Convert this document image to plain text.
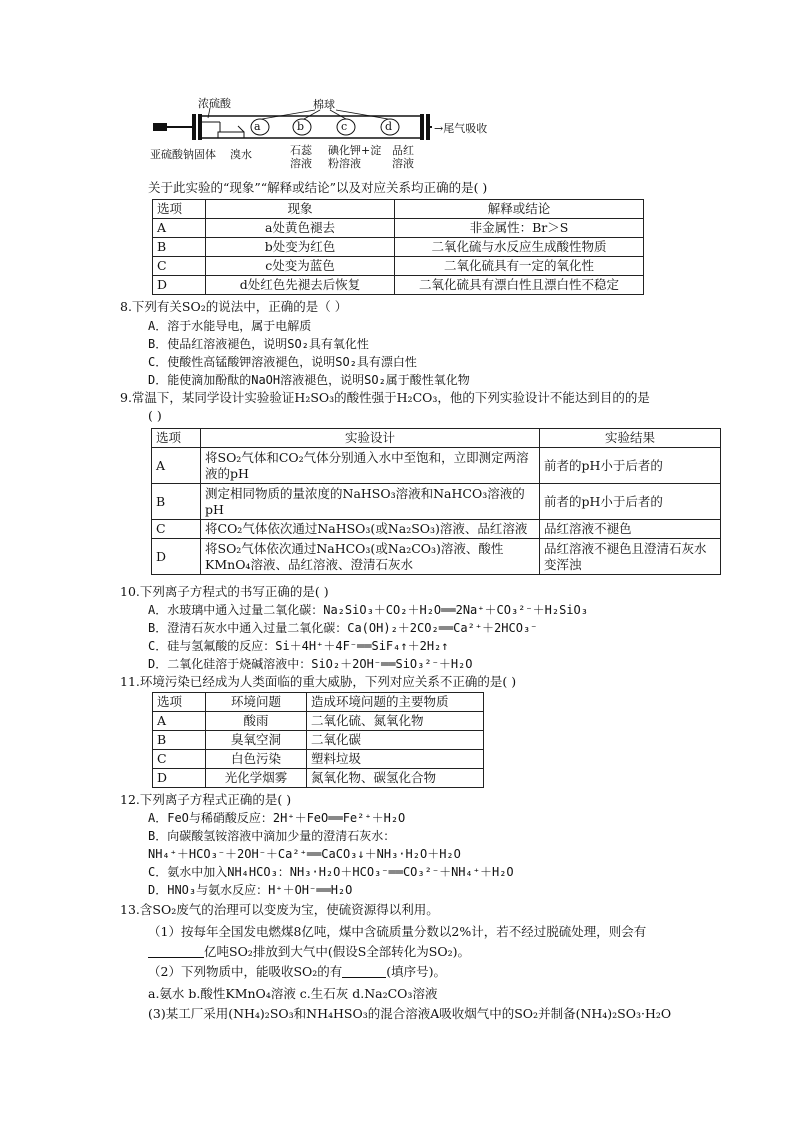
a	b	c	d
浓硫酸	棉球
→尾气吸收
亚硫酸钠固体 溴水	石蕊溶液
碘化钾+淀粉溶液
品红溶液
关于此实验的“现象”“解释或结论”以及对应关系均正确的是( )
选项	现象	解释或结论
A	a处黄色褪去	非金属性：Br＞S
B	b处变为红色	二氧化硫与水反应生成酸性物质
C	c处变为蓝色	二氧化硫具有一定的氧化性
D	d处红色先褪去后恢复	二氧化硫具有漂白性且漂白性不稳定
8.下列有关SO₂的说法中，正确的是（ ）
A．溶于水能导电，属于电解质
B．使品红溶液褪色，说明SO₂具有氧化性
C．使酸性高锰酸钾溶液褪色，说明SO₂具有漂白性
D．能使滴加酚酞的NaOH溶液褪色，说明SO₂属于酸性氧化物
9.常温下，某同学设计实验验证H₂SO₃的酸性强于H₂CO₃，他的下列实验设计不能达到目的的是
( )
选项	实验设计	实验结果
A	将SO₂气体和CO₂气体分别通入水中至饱和，立即测定两溶液的pH	前者的pH小于后者的
B	测定相同物质的量浓度的NaHSO₃溶液和NaHCO₃溶液的pH	前者的pH小于后者的
C	将CO₂气体依次通过NaHSO₃(或Na₂SO₃)溶液、品红溶液	品红溶液不褪色
D	将SO₂气体依次通过NaHCO₃(或Na₂CO₃)溶液、酸性KMnO₄溶液、品红溶液、澄清石灰水	品红溶液不褪色且澄清石灰水变浑浊
10.下列离子方程式的书写正确的是( )
A．水玻璃中通入过量二氧化碳：Na₂SiO₃＋CO₂＋H₂O══2Na⁺＋CO₃²⁻＋H₂SiO₃
B．澄清石灰水中通入过量二氧化碳：Ca(OH)₂＋2CO₂══Ca²⁺＋2HCO₃⁻
C．硅与氢氟酸的反应：Si＋4H⁺＋4F⁻══SiF₄↑＋2H₂↑
D．二氧化硅溶于烧碱溶液中：SiO₂＋2OH⁻══SiO₃²⁻＋H₂O
11.环境污染已经成为人类面临的重大威胁，下列对应关系不正确的是( )
选项	环境问题	造成环境问题的主要物质
A	酸雨	二氧化硫、氮氧化物
B	臭氧空洞	二氧化碳
C	白色污染	塑料垃圾
D	光化学烟雾	氮氧化物、碳氢化合物
12.下列离子方程式正确的是( )
A．FeO与稀硝酸反应：2H⁺＋FeO══Fe²⁺＋H₂O
B．向碳酸氢铵溶液中滴加少量的澄清石灰水：
NH₄⁺＋HCO₃⁻＋2OH⁻＋Ca²⁺══CaCO₃↓＋NH₃·H₂O＋H₂O
C．氨水中加入NH₄HCO₃：NH₃·H₂O＋HCO₃⁻══CO₃²⁻＋NH₄⁺＋H₂O
D．HNO₃与氨水反应：H⁺＋OH⁻══H₂O
13.含SO₂废气的治理可以变废为宝，使硫资源得以利用。
（1）按每年全国发电燃煤8亿吨，煤中含硫质量分数以2%计，若不经过脱硫处理，则会有
亿吨SO₂排放到大气中(假设S全部转化为SO₂)。
（2）下列物质中，能吸收SO₂的有	(填序号)。
a.氨水 b.酸性KMnO₄溶液 c.生石灰 d.Na₂CO₃溶液
(3)某工厂采用(NH₄)₂SO₃和NH₄HSO₃的混合溶液A吸收烟气中的SO₂并制备(NH₄)₂SO₃·H₂O
